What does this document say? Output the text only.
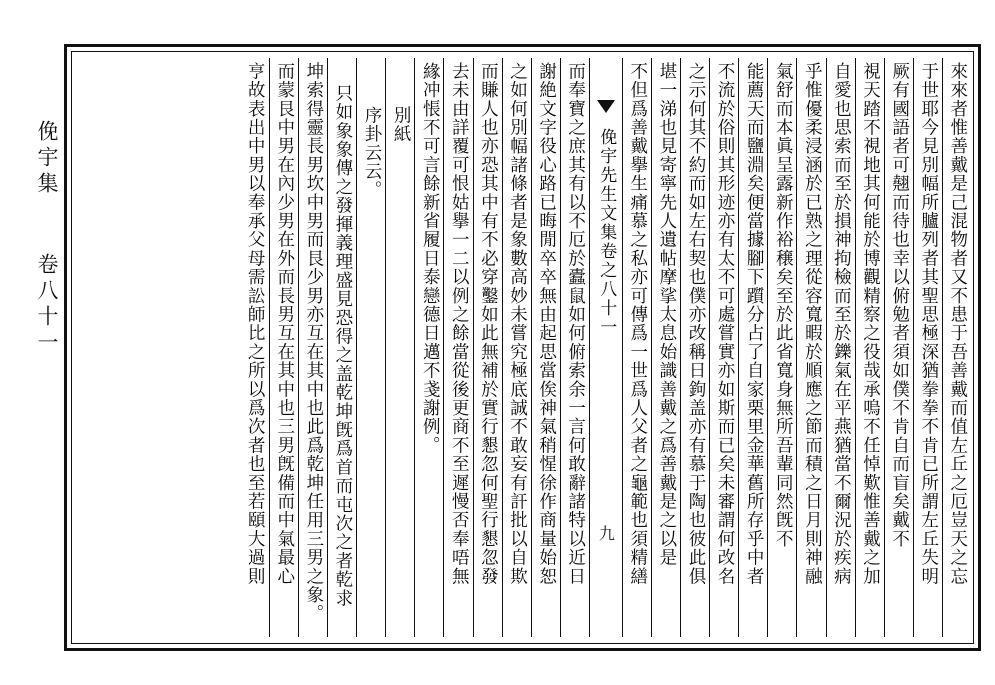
俛宇集 卷八十一	來來者惟善戴是己混物者又不患于吾善戴而值左丘之厄豈天之忘
于世耶今見別幅所臚列者其聖思極深猶拳拳不肯已所謂左丘失明
厥有國語者可翹而待也幸以俯勉者須如僕不肯自而盲矣戴不
視天踏不視地其何能於博觀精察之役哉承嗚不任悼歎惟善戴之加
自愛也思索而至於損神拘檢而至於鑠氣在平燕猶當不爾況於疾病
乎惟優柔浸涵於已熟之理從容寬暇於順應之節而積之日月則神融
氣舒而本眞呈露新作裕穣矣至於此省寬身無所吾輩同然旣不
能薦天而鹽淵矣便當據腳下躓分占了自家栗里金華舊所存乎中者
不流於俗則其形迹亦有太不可處嘗實亦如斯而已矣未審謂何改名
之示何其不約而如左右契也僕亦改稱日鉤盖亦有慕于陶也彼此俱
堪一涕也見寄寧先人遺帖摩挲太息始識善戴之爲善戴是之以是
不但爲善戴擧生痛慕之私亦可傳爲一世爲人父者之龜範也須精繕
俛宇先生文集卷之八十一
九
而奉寶之庶其有以不厄於蠹鼠如何俯索余一言何敢辭諸特以近日
謝絶文字役心路已晦閒卒卒無由起思當俟神氣稍惺徐作商量始恕
之如何別幅諸條者是象數高妙未嘗究極底誠不敢妄有訐批以自欺
而賺人也亦恐其中有不必穿鑿如此無補於實行懇忽何聖行懇忽發
去未由詳覆可恨姑擧一二以例之餘當從後更商不至遲慢否奉唔無
緣冲悵不可言餘新省履日泰戀德日邁不戔謝例。
別紙
序卦云云。
只如象象傳之發揮義理盛見恐得之盖乾坤旣爲首而屯次之者乾求
坤索得靈長男坎中男而艮少男亦互在其中也此爲乾坤任用三男之象。
而蒙艮中男在內少男在外而長男互在其中也三男旣備而中氣最心
亨故表出中男以奉承父母需訟師比之所以爲次者也至若頤大過則
